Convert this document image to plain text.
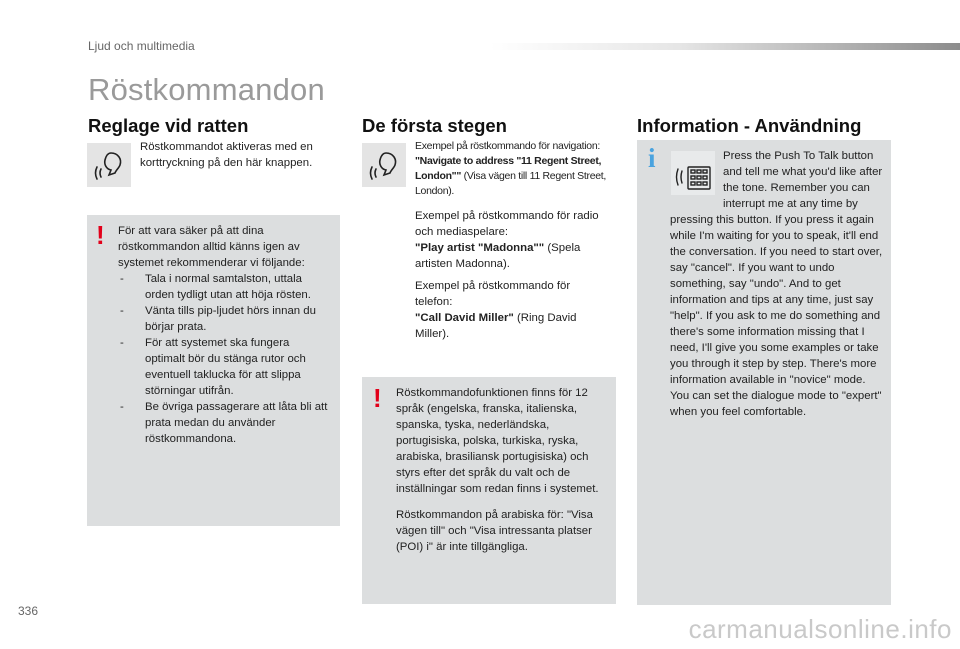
Ljud och multimedia
Röstkommandon
Reglage vid ratten
Röstkommandot aktiveras med en korttryckning på den här knappen.
! För att vara säker på att dina röstkommandon alltid känns igen av systemet rekommenderar vi följande:

- Tala i normal samtalston, uttala orden tydligt utan att höja rösten.
- Vänta tills pip-ljudet hörs innan du börjar prata.
- För att systemet ska fungera optimalt bör du stänga rutor och eventuell taklucka för att slippa störningar utifrån.
- Be övriga passagerare att låta bli att prata medan du använder röstkommandona.
De första stegen
Exempel på röstkommando för navigation:
"Navigate to address "11 Regent Street, London"" (Visa vägen till 11 Regent Street, London).
Exempel på röstkommando för radio och mediaspelare:
"Play artist "Madonna"" (Spela artisten Madonna).
Exempel på röstkommando för telefon:
"Call David Miller" (Ring David Miller).
! Röstkommandofunktionen finns för 12 språk (engelska, franska, italienska, spanska, tyska, nederländska, portugisiska, polska, turkiska, ryska, arabiska, brasiliansk portugisiska) och styrs efter det språk du valt och de inställningar som redan finns i systemet.

Röstkommandon på arabiska för: "Visa vägen till" och "Visa intressanta platser (POI) i" är inte tillgängliga.

Information - Användning
i	Press the Push To Talk button and tell me what you'd like after the tone. Remember you can interrupt me at any time by pressing this button. If you press it again while I'm waiting for you to speak, it'll end the conversation. If you need to start over, say "cancel". If you want to undo something, say "undo". And to get information and tips at any time, just say "help". If you ask to me do something and there's some information missing that I need, I'll give you some examples or take you through it step by step. There's more information available in "novice" mode. You can set the dialogue mode to "expert" when you feel comfortable.
336
carmanualsonline.info
